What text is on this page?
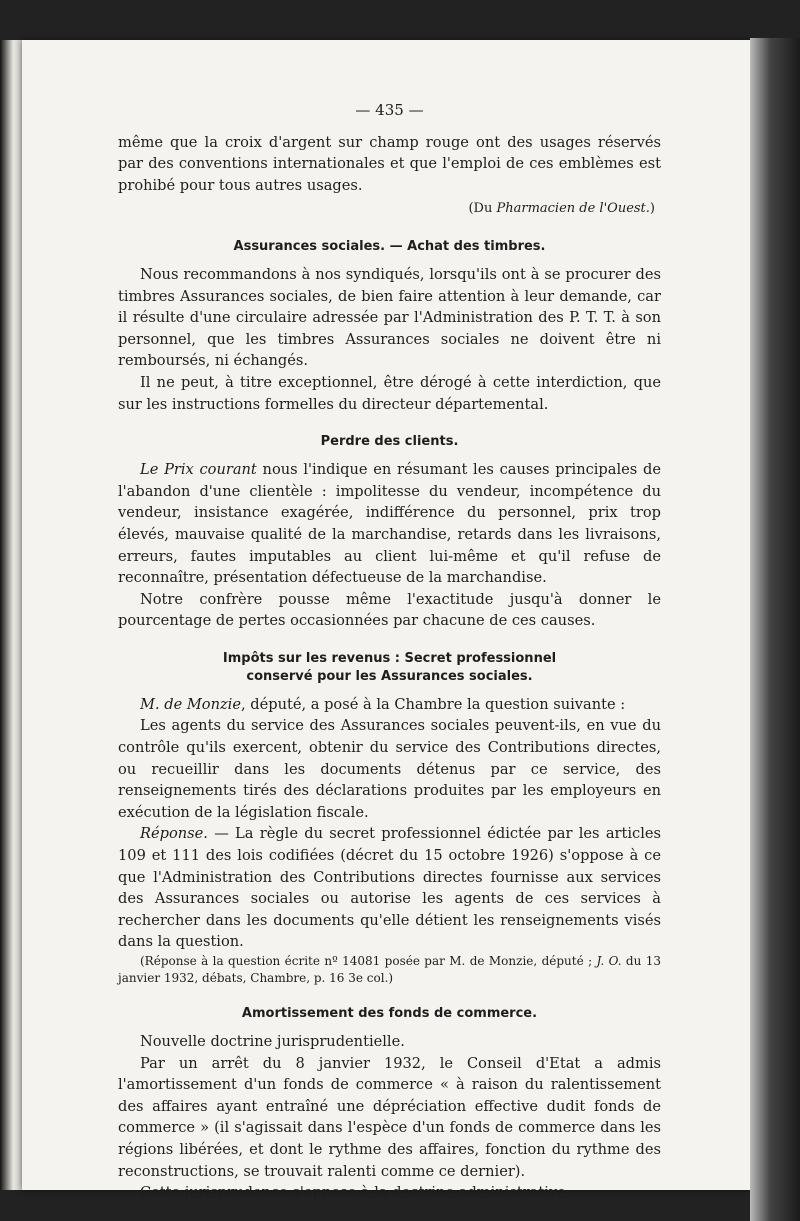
— 435 —

même que la croix d'argent sur champ rouge ont des usages réservés par des conventions internationales et que l'emploi de ces emblèmes est prohibé pour tous autres usages.

(Du Pharmacien de l'Ouest.)

Assurances sociales. — Achat des timbres.

Nous recommandons à nos syndiqués, lorsqu'ils ont à se procurer des timbres Assurances sociales, de bien faire attention à leur demande, car il résulte d'une circulaire adressée par l'Administration des P. T. T. à son personnel, que les timbres Assurances sociales ne doivent être ni remboursés, ni échangés.

Il ne peut, à titre exceptionnel, être dérogé à cette interdiction, que sur les instructions formelles du directeur départemental.

Perdre des clients.

Le Prix courant nous l'indique en résumant les causes principales de l'abandon d'une clientèle : impolitesse du vendeur, incompétence du vendeur, insistance exagérée, indifférence du personnel, prix trop élevés, mauvaise qualité de la marchandise, retards dans les livraisons, erreurs, fautes imputables au client lui-même et qu'il refuse de reconnaître, présentation défectueuse de la marchandise.

Notre confrère pousse même l'exactitude jusqu'à donner le pourcentage de pertes occasionnées par chacune de ces causes.

Impôts sur les revenus : Secret professionnel
conservé pour les Assurances sociales.

M. de Monzie, député, a posé à la Chambre la question suivante :

Les agents du service des Assurances sociales peuvent-ils, en vue du contrôle qu'ils exercent, obtenir du service des Contributions directes, ou recueillir dans les documents détenus par ce service, des renseignements tirés des déclarations produites par les employeurs en exécution de la législation fiscale.

Réponse. — La règle du secret professionnel édictée par les articles 109 et 111 des lois codifiées (décret du 15 octobre 1926) s'oppose à ce que l'Administration des Contributions directes fournisse aux services des Assurances sociales ou autorise les agents de ces services à rechercher dans les documents qu'elle détient les renseignements visés dans la question.

(Réponse à la question écrite nº 14081 posée par M. de Monzie, député ; J. O. du 13 janvier 1932, débats, Chambre, p. 16 3e col.)

Amortissement des fonds de commerce.

Nouvelle doctrine jurisprudentielle.

Par un arrêt du 8 janvier 1932, le Conseil d'Etat a admis l'amortissement d'un fonds de commerce « à raison du ralentissement des affaires ayant entraîné une dépréciation effective dudit fonds de commerce » (il s'agissait dans l'espèce d'un fonds de commerce dans les régions libérées, et dont le rythme des affaires, fonction du rythme des reconstructions, se trouvait ralenti comme ce dernier).

Cette jurisprudence s'oppose à la doctrine administrative.
